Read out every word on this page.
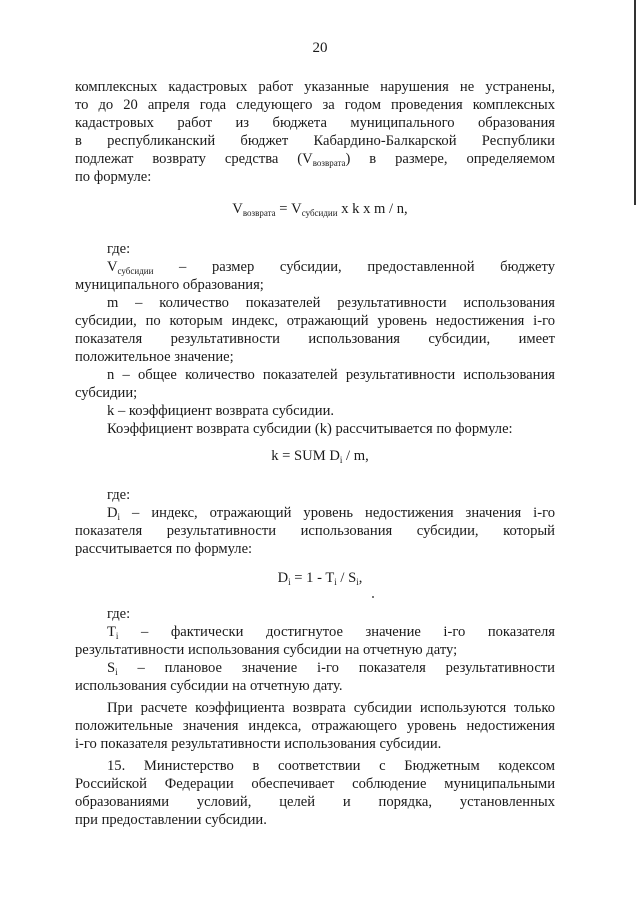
20
комплексных кадастровых работ указанные нарушения не устранены,
то до 20 апреля года следующего за годом проведения комплексных
кадастровых работ из бюджета муниципального образования
в республиканский бюджет Кабардино-Балкарской Республики
подлежат возврату средства $(V_{возврата})$ в размере, определяемом
по формуле:
$V_{возврата} = V_{субсидии}$ x k x m / n,
где:
$V_{субсидии}$ – размер субсидии, предоставленной бюджету
муниципального образования;
m – количество показателей результативности использования
субсидии, по которым индекс, отражающий уровень недостижения i-го
показателя результативности использования субсидии, имеет
положительное значение;
n – общее количество показателей результативности использования
субсидии;
k – коэффициент возврата субсидии.
Коэффициент возврата субсидии (k) рассчитывается по формуле:
k = SUM $D_i$ / m,
где:
$D_i$ – индекс, отражающий уровень недостижения значения i-го
показателя результативности использования субсидии, который
рассчитывается по формуле:
$D_i = 1 - T_i / S_i$,
где:
$T_i$ – фактически достигнутое значение i-го показателя
результативности использования субсидии на отчетную дату;
$S_i$ – плановое значение i-го показателя результативности
использования субсидии на отчетную дату.
При расчете коэффициента возврата субсидии используются только
положительные значения индекса, отражающего уровень недостижения
i-го показателя результативности использования субсидии.
15. Министерство в соответствии с Бюджетным кодексом
Российской Федерации обеспечивает соблюдение муниципальными
образованиями условий, целей и порядка, установленных
при предоставлении субсидии.
